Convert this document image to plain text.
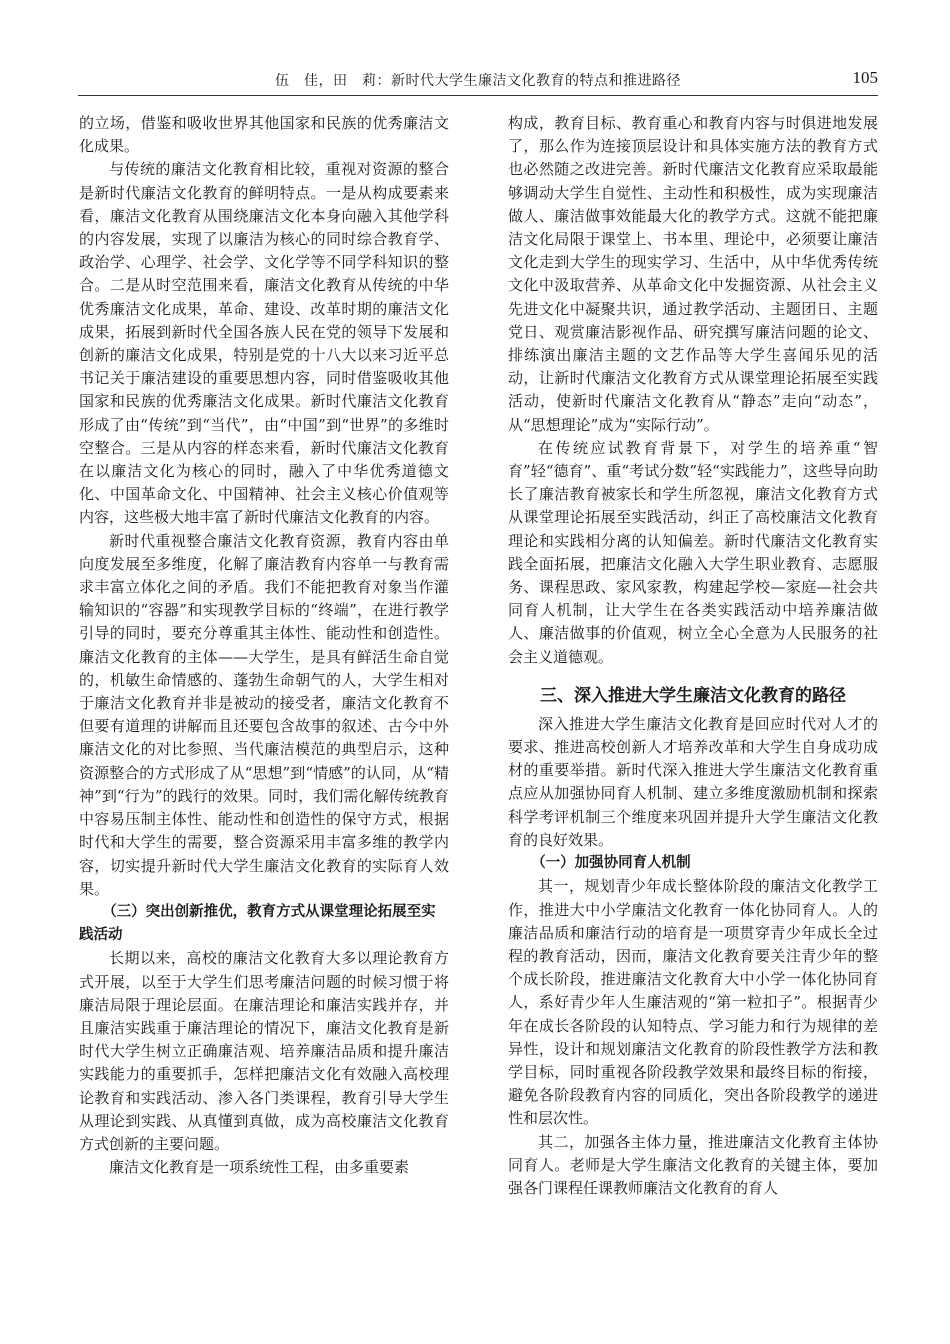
伍　佳，田　莉：新时代大学生廉洁文化教育的特点和推进路径	105

的立场，借鉴和吸收世界其他国家和民族的优秀廉洁文化成果。

与传统的廉洁文化教育相比较，重视对资源的整合是新时代廉洁文化教育的鲜明特点。一是从构成要素来看，廉洁文化教育从围绕廉洁文化本身向融入其他学科的内容发展，实现了以廉洁为核心的同时综合教育学、政治学、心理学、社会学、文化学等不同学科知识的整合。二是从时空范围来看，廉洁文化教育从传统的中华优秀廉洁文化成果，革命、建设、改革时期的廉洁文化成果，拓展到新时代全国各族人民在党的领导下发展和创新的廉洁文化成果，特别是党的十八大以来习近平总书记关于廉洁建设的重要思想内容，同时借鉴吸收其他国家和民族的优秀廉洁文化成果。新时代廉洁文化教育形成了由“传统”到“当代”，由“中国”到“世界”的多维时空整合。三是从内容的样态来看，新时代廉洁文化教育在以廉洁文化为核心的同时，融入了中华优秀道德文化、中国革命文化、中国精神、社会主义核心价值观等内容，这些极大地丰富了新时代廉洁文化教育的内容。

新时代重视整合廉洁文化教育资源，教育内容由单向度发展至多维度，化解了廉洁教育内容单一与教育需求丰富立体化之间的矛盾。我们不能把教育对象当作灌输知识的“容器”和实现教学目标的“终端”，在进行教学引导的同时，要充分尊重其主体性、能动性和创造性。廉洁文化教育的主体——大学生，是具有鲜活生命自觉的，机敏生命情感的、蓬勃生命朝气的人，大学生相对于廉洁文化教育并非是被动的接受者，廉洁文化教育不但要有道理的讲解而且还要包含故事的叙述、古今中外廉洁文化的对比参照、当代廉洁模范的典型启示，这种资源整合的方式形成了从“思想”到“情感”的认同，从“精神”到“行为”的践行的效果。同时，我们需化解传统教育中容易压制主体性、能动性和创造性的保守方式，根据时代和大学生的需要，整合资源采用丰富多维的教学内容，切实提升新时代大学生廉洁文化教育的实际育人效果。

（三）突出创新推优，教育方式从课堂理论拓展至实践活动

长期以来，高校的廉洁文化教育大多以理论教育方式开展，以至于大学生们思考廉洁问题的时候习惯于将廉洁局限于理论层面。在廉洁理论和廉洁实践并存，并且廉洁实践重于廉洁理论的情况下，廉洁文化教育是新时代大学生树立正确廉洁观、培养廉洁品质和提升廉洁实践能力的重要抓手，怎样把廉洁文化有效融入高校理论教育和实践活动、渗入各门类课程，教育引导大学生从理论到实践、从真懂到真做，成为高校廉洁文化教育方式创新的主要问题。

廉洁文化教育是一项系统性工程，由多重要素

构成，教育目标、教育重心和教育内容与时俱进地发展了，那么作为连接顶层设计和具体实施方法的教育方式也必然随之改进完善。新时代廉洁文化教育应采取最能够调动大学生自觉性、主动性和积极性，成为实现廉洁做人、廉洁做事效能最大化的教学方式。这就不能把廉洁文化局限于课堂上、书本里、理论中，必须要让廉洁文化走到大学生的现实学习、生活中，从中华优秀传统文化中汲取营养、从革命文化中发掘资源、从社会主义先进文化中凝聚共识，通过教学活动、主题团日、主题党日、观赏廉洁影视作品、研究撰写廉洁问题的论文、排练演出廉洁主题的文艺作品等大学生喜闻乐见的活动，让新时代廉洁文化教育方式从课堂理论拓展至实践活动，使新时代廉洁文化教育从“静态”走向“动态”，从“思想理论”成为“实际行动”。

在传统应试教育背景下，对学生的培养重“智育”轻“德育”、重“考试分数”轻“实践能力”，这些导向助长了廉洁教育被家长和学生所忽视，廉洁文化教育方式从课堂理论拓展至实践活动，纠正了高校廉洁文化教育理论和实践相分离的认知偏差。新时代廉洁文化教育实践全面拓展，把廉洁文化融入大学生职业教育、志愿服务、课程思政、家风家教，构建起学校—家庭—社会共同育人机制，让大学生在各类实践活动中培养廉洁做人、廉洁做事的价值观，树立全心全意为人民服务的社会主义道德观。

三、深入推进大学生廉洁文化教育的路径

深入推进大学生廉洁文化教育是回应时代对人才的要求、推进高校创新人才培养改革和大学生自身成功成材的重要举措。新时代深入推进大学生廉洁文化教育重点应从加强协同育人机制、建立多维度激励机制和探索科学考评机制三个维度来巩固并提升大学生廉洁文化教育的良好效果。

（一）加强协同育人机制

其一，规划青少年成长整体阶段的廉洁文化教学工作，推进大中小学廉洁文化教育一体化协同育人。人的廉洁品质和廉洁行动的培育是一项贯穿青少年成长全过程的教育活动，因而，廉洁文化教育要关注青少年的整个成长阶段，推进廉洁文化教育大中小学一体化协同育人，系好青少年人生廉洁观的“第一粒扣子”。根据青少年在成长各阶段的认知特点、学习能力和行为规律的差异性，设计和规划廉洁文化教育的阶段性教学方法和教学目标，同时重视各阶段教学效果和最终目标的衔接，避免各阶段教育内容的同质化，突出各阶段教学的递进性和层次性。

其二，加强各主体力量，推进廉洁文化教育主体协同育人。老师是大学生廉洁文化教育的关键主体，要加强各门课程任课教师廉洁文化教育的育人
